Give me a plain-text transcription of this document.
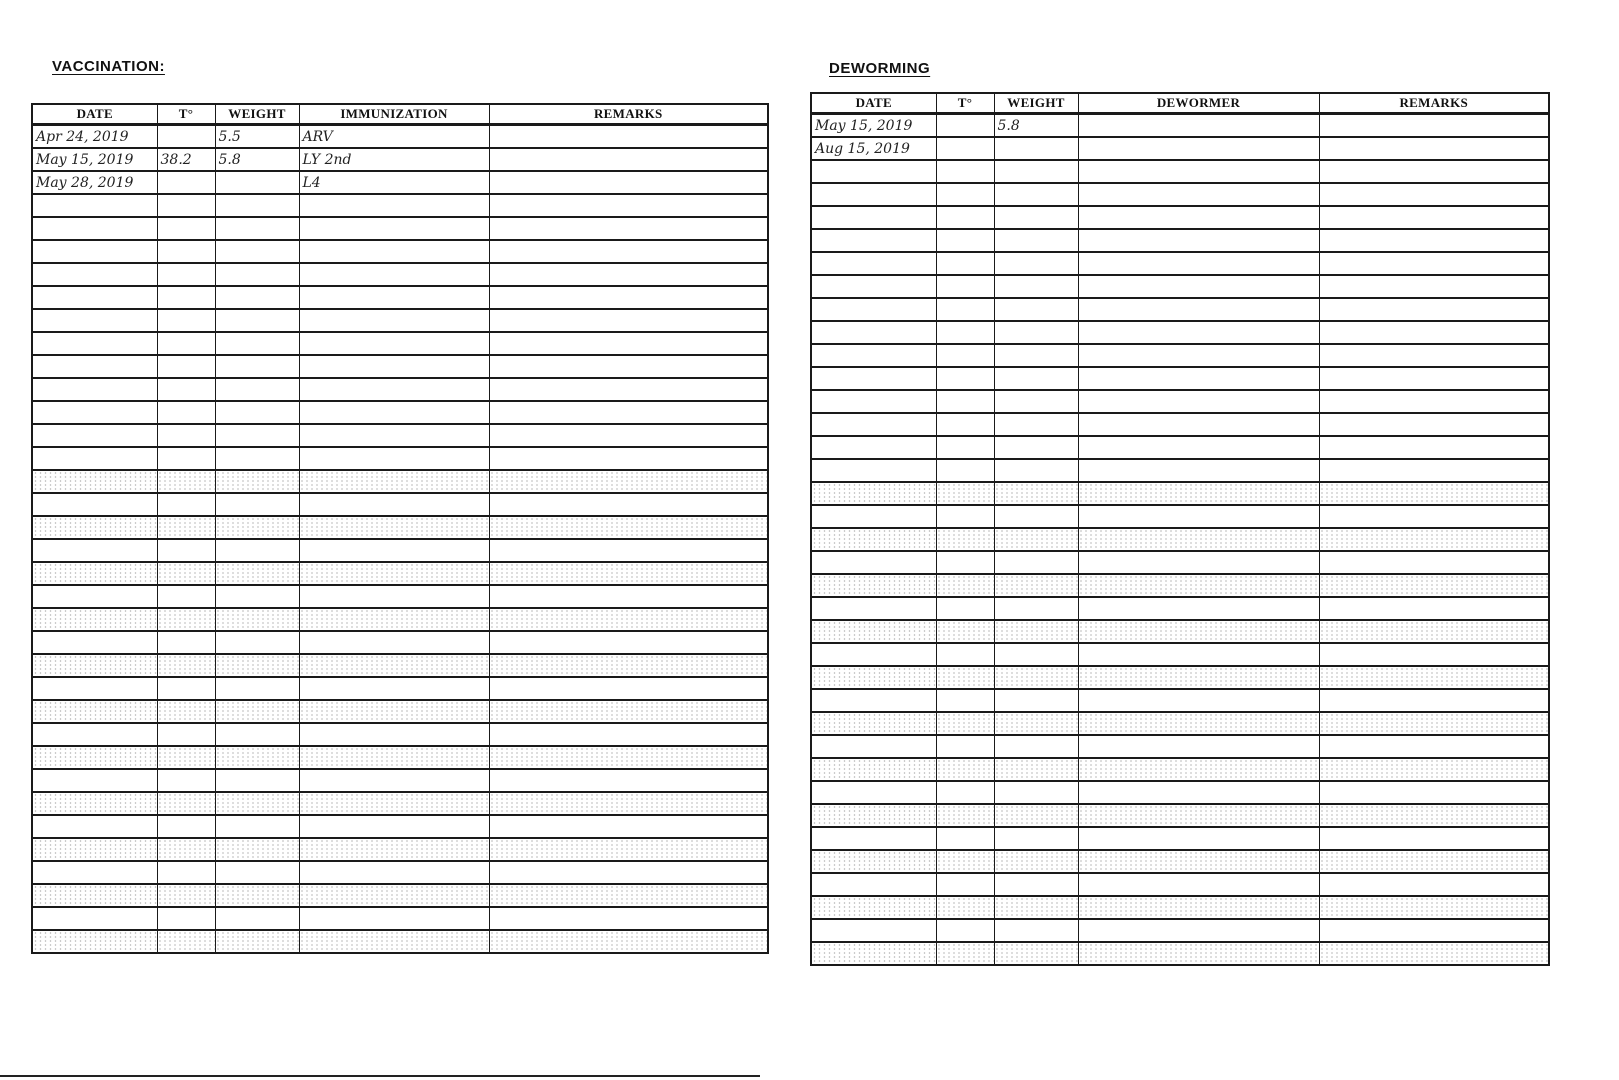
VACCINATION:
DATE	T°	WEIGHT	IMMUNIZATION	REMARKS
Apr 24, 2019		5.5	ARV	
May 15, 2019	38.2	5.8	LY 2nd	
May 28, 2019			L4	

DEWORMING
DATE	T°	WEIGHT	DEWORMER	REMARKS
May 15, 2019		5.8		
Aug 15, 2019				
